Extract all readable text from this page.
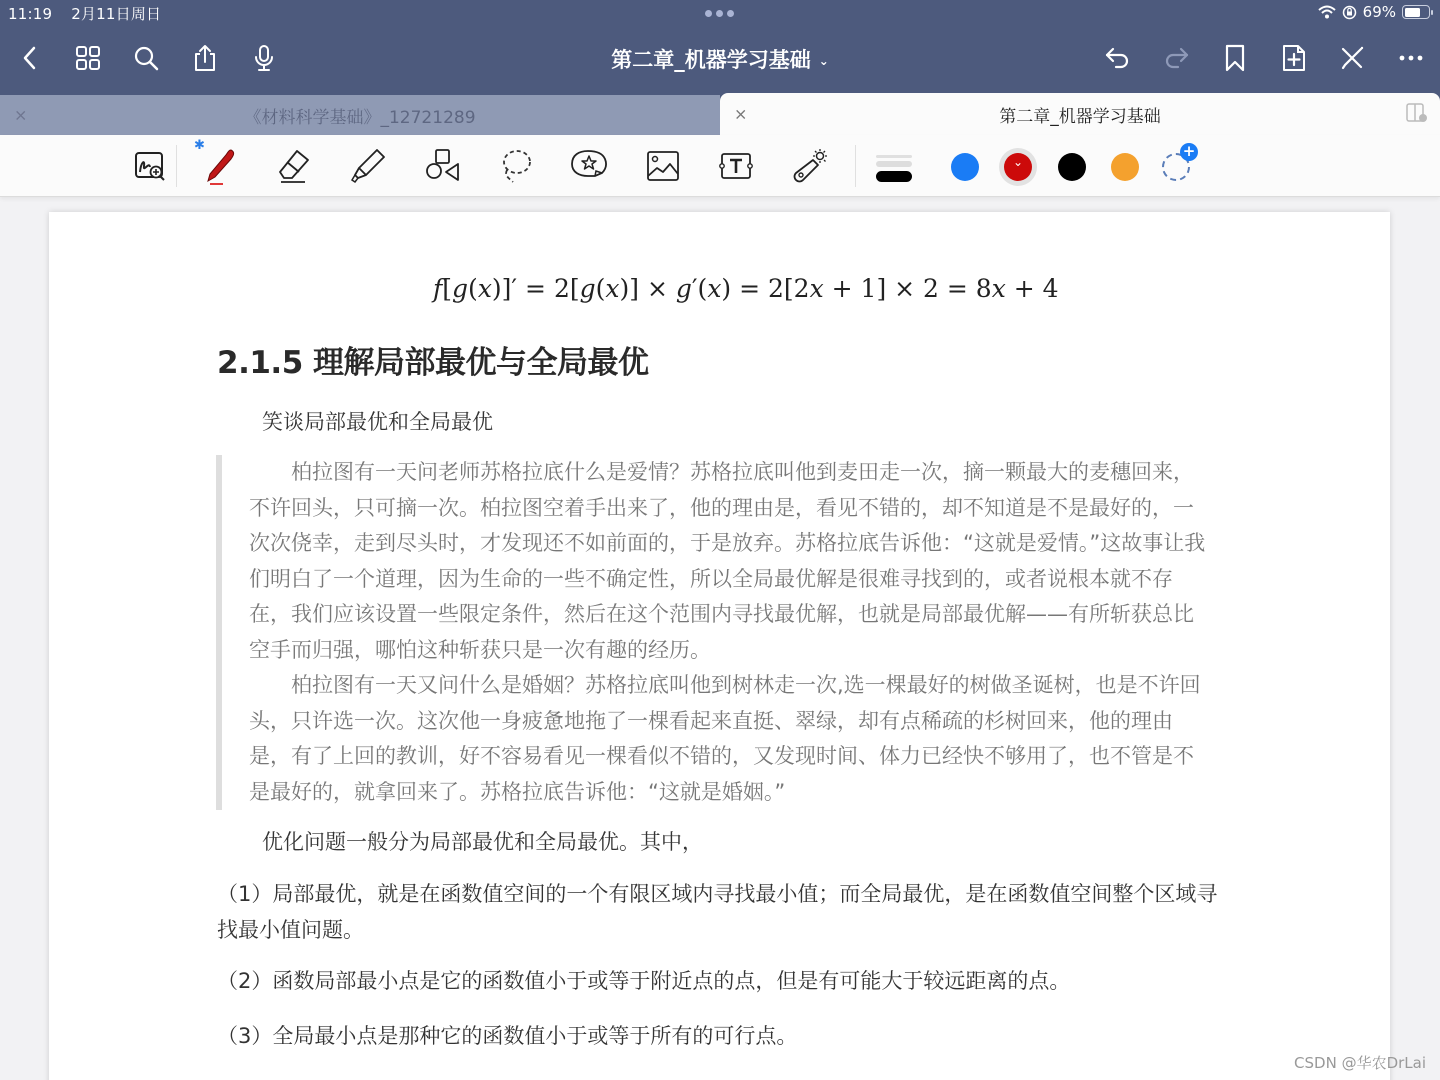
11:19 2月11日周日	69%
第二章_机器学习基础 ⌄
×	《材料科学基础》_12721289	×	第二章_机器学习基础
✱
⌄	+
f[g(x)]′ = 2[g(x)] × g′(x) = 2[2x + 1] × 2 = 8x + 4
2.1.5 理解局部最优与全局最优
笑谈局部最优和全局最优

柏拉图有一天问老师苏格拉底什么是爱情？苏格拉底叫他到麦田走一次，摘一颗最大的麦穗回来，不许回头，只可摘一次。柏拉图空着手出来了，他的理由是，看见不错的，却不知道是不是最好的，一次次侥幸，走到尽头时，才发现还不如前面的，于是放弃。苏格拉底告诉他：“这就是爱情。”这故事让我们明白了一个道理，因为生命的一些不确定性，所以全局最优解是很难寻找到的，或者说根本就不存在，我们应该设置一些限定条件，然后在这个范围内寻找最优解，也就是局部最优解——有所斩获总比空手而归强，哪怕这种斩获只是一次有趣的经历。

柏拉图有一天又问什么是婚姻？苏格拉底叫他到树林走一次,选一棵最好的树做圣诞树，也是不许回头，只许选一次。这次他一身疲惫地拖了一棵看起来直挺、翠绿，却有点稀疏的杉树回来，他的理由是，有了上回的教训，好不容易看见一棵看似不错的，又发现时间、体力已经快不够用了，也不管是不是最好的，就拿回来了。苏格拉底告诉他：“这就是婚姻。”

优化问题一般分为局部最优和全局最优。其中，
（1）局部最优，就是在函数值空间的一个有限区域内寻找最小值；而全局最优，是在函数值空间整个区域寻找最小值问题。
（2）函数局部最小点是它的函数值小于或等于附近点的点，但是有可能大于较远距离的点。
（3）全局最小点是那种它的函数值小于或等于所有的可行点。
CSDN @华农DrLai
